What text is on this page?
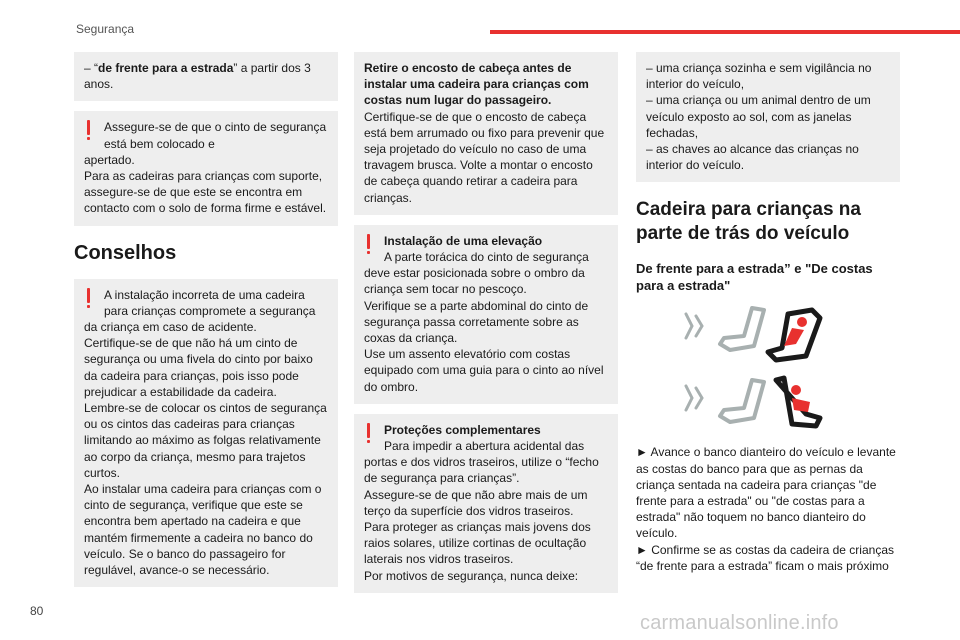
Segurança
– “de frente para a estrada” a partir dos 3 anos.
Assegure-se de que o cinto de segurança está bem colocado e
apertado.
Para as cadeiras para crianças com suporte, assegure-se de que este se encontra em contacto com o solo de forma firme e estável.
Conselhos
A instalação incorreta de uma cadeira para crianças compromete a segurança
da criança em caso de acidente.
Certifique-se de que não há um cinto de segurança ou uma fivela do cinto por baixo da cadeira para crianças, pois isso pode prejudicar a estabilidade da cadeira.
Lembre-se de colocar os cintos de segurança ou os cintos das cadeiras para crianças limitando ao máximo as folgas relativamente ao corpo da criança, mesmo para trajetos curtos.
Ao instalar uma cadeira para crianças com o cinto de segurança, verifique que este se encontra bem apertado na cadeira e que mantém firmemente a cadeira no banco do veículo. Se o banco do passageiro for regulável, avance-o se necessário.
Retire o encosto de cabeça antes de instalar uma cadeira para crianças com costas num lugar do passageiro.
Certifique-se de que o encosto de cabeça está bem arrumado ou fixo para prevenir que seja projetado do veículo no caso de uma travagem brusca. Volte a montar o encosto de cabeça quando retirar a cadeira para crianças.
Instalação de uma elevação
A parte torácica do cinto de segurança
deve estar posicionada sobre o ombro da criança sem tocar no pescoço.
Verifique se a parte abdominal do cinto de segurança passa corretamente sobre as coxas da criança.
Use um assento elevatório com costas equipado com uma guia para o cinto ao nível do ombro.
Proteções complementares
Para impedir a abertura acidental das
portas e dos vidros traseiros, utilize o “fecho de segurança para crianças”.
Assegure-se de que não abre mais de um terço da superfície dos vidros traseiros.
Para proteger as crianças mais jovens dos raios solares, utilize cortinas de ocultação laterais nos vidros traseiros.
Por motivos de segurança, nunca deixe:
– uma criança sozinha e sem vigilância no interior do veículo,
– uma criança ou um animal dentro de um veículo exposto ao sol, com as janelas fechadas,
– as chaves ao alcance das crianças no interior do veículo.
Cadeira para crianças na parte de trás do veículo
De frente para a estrada” e "De costas para a estrada"
► Avance o banco dianteiro do veículo e levante as costas do banco para que as pernas da criança sentada na cadeira para crianças "de frente para a estrada" ou "de costas para a estrada" não toquem no banco dianteiro do veículo.
► Confirme se as costas da cadeira de crianças “de frente para a estrada” ficam o mais próximo
80
carmanualsonline.info
